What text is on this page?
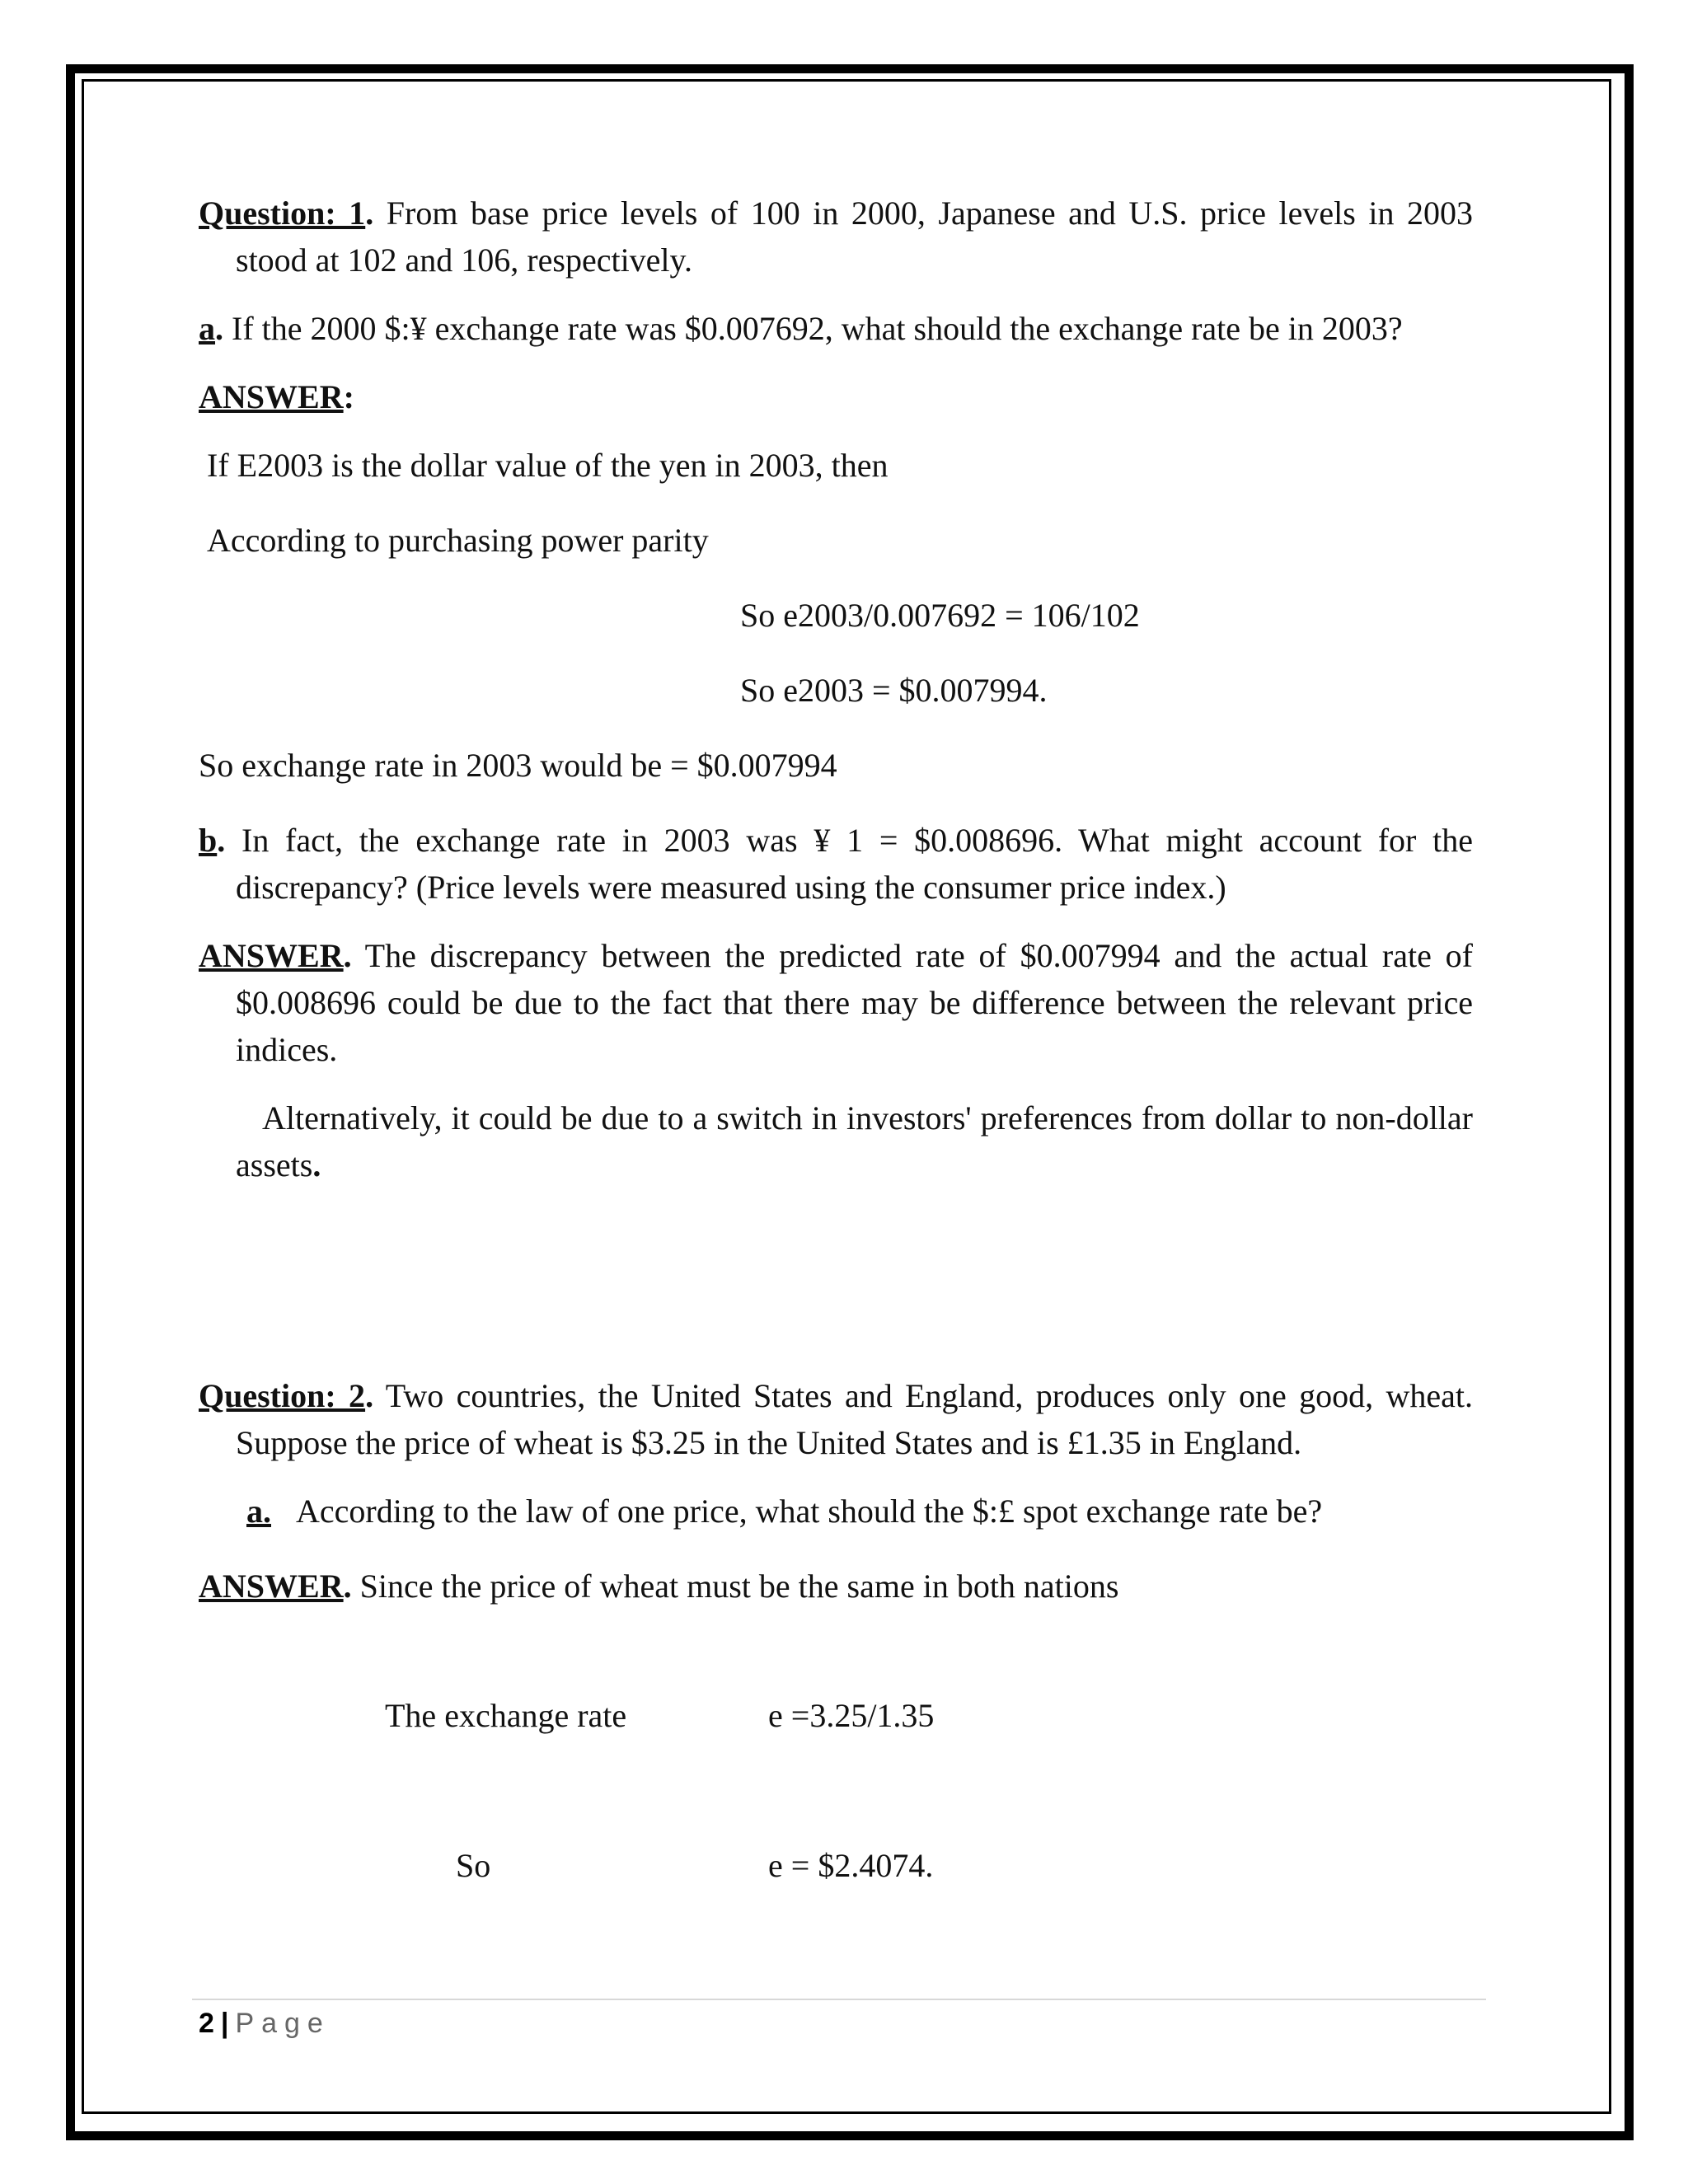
Question: 1. From base price levels of 100 in 2000, Japanese and U.S. price levels in 2003 stood at 102 and 106, respectively.

a. If the 2000 $:¥ exchange rate was $0.007692, what should the exchange rate be in 2003?

ANSWER:

If E2003 is the dollar value of the yen in 2003, then

According to purchasing power parity

So e2003/0.007692 = 106/102

So e2003 = $0.007994.

So exchange rate in 2003 would be = $0.007994

b. In fact, the exchange rate in 2003 was ¥ 1 = $0.008696. What might account for the discrepancy? (Price levels were measured using the consumer price index.)

ANSWER. The discrepancy between the predicted rate of $0.007994 and the actual rate of $0.008696 could be due to the fact that there may be difference between the relevant price indices.

Alternatively, it could be due to a switch in investors' preferences from dollar to non-dollar assets.

Question: 2. Two countries, the United States and England, produces only one good, wheat. Suppose the price of wheat is $3.25 in the United States and is £1.35 in England.

a. According to the law of one price, what should the $:£ spot exchange rate be?

ANSWER. Since the price of wheat must be the same in both nations

The exchange rate	e =3.25/1.35
So	e = $2.4074.
2 | Page
